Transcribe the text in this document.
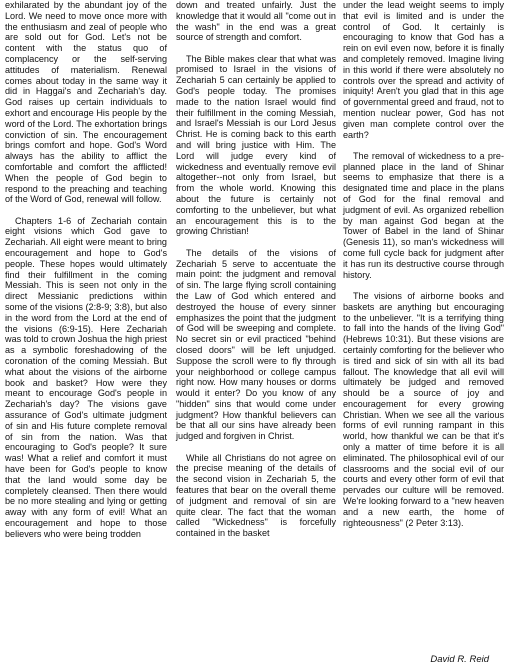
exhilarated by the abundant joy of the Lord. We need to move once more with the enthusiasm and zeal of people who are sold out for God. Let's not be content with the status quo of complacency or the self-serving attitudes of materialism. Renewal comes about today in the same way it did in Haggai's and Zechariah's day. God raises up certain individuals to exhort and encourage His people by the word of the Lord. The exhortation brings conviction of sin. The encouragement brings comfort and hope. God's Word always has the ability to afflict the comfortable and comfort the afflicted! When the people of God begin to respond to the preaching and teaching of the Word of God, renewal will follow.

Chapters 1-6 of Zechariah contain eight visions which God gave to Zechariah. All eight were meant to bring encouragement and hope to God's people. These hopes would ultimately find their fulfillment in the coming Messiah. This is seen not only in the direct Messianic predictions within some of the visions (2:8-9; 3:8), but also in the word from the Lord at the end of the visions (6:9-15). Here Zechariah was told to crown Joshua the high priest as a symbolic foreshadowing of the coronation of the coming Messiah. But what about the visions of the airborne book and basket? How were they meant to encourage God's people in Zechariah's day? The visions gave assurance of God's ultimate judgment of sin and His future complete removal of sin from the nation. Was that encouraging to God's people? It sure was! What a relief and comfort it must have been for God's people to know that the land would some day be completely cleansed. Then there would be no more stealing and lying or getting away with any form of evil! What an encouragement and hope to those believers who were being trodden

down and treated unfairly. Just the knowledge that it would all "come out in the wash" in the end was a great source of strength and comfort.

The Bible makes clear that what was promised to Israel in the visions of Zechariah 5 can certainly be applied to God's people today. The promises made to the nation Israel would find their fulfillment in the coming Messiah, and Israel's Messiah is our Lord Jesus Christ. He is coming back to this earth and will bring justice with Him. The Lord will judge every kind of wickedness and eventually remove evil altogether--not only from Israel, but from the whole world. Knowing this about the future is certainly not comforting to the unbeliever, but what an encouragement this is to the growing Christian!

The details of the visions of Zechariah 5 serve to accentuate the main point: the judgment and removal of sin. The large flying scroll containing the Law of God which entered and destroyed the house of every sinner emphasizes the point that the judgment of God will be sweeping and complete. No secret sin or evil practiced "behind closed doors" will be left unjudged. Suppose the scroll were to fly through your neighborhood or college campus right now. How many houses or dorms would it enter? Do you know of any "hidden" sins that would come under judgment? How thankful believers can be that all our sins have already been judged and forgiven in Christ.

While all Christians do not agree on the precise meaning of the details of the second vision in Zechariah 5, the features that bear on the overall theme of judgment and removal of sin are quite clear. The fact that the woman called "Wickedness" is forcefully contained in the basket

under the lead weight seems to imply that evil is limited and is under the control of God. It certainly is encouraging to know that God has a rein on evil even now, before it is finally and completely removed. Imagine living in this world if there were absolutely no controls over the spread and activity of iniquity! Aren't you glad that in this age of governmental greed and fraud, not to mention nuclear power, God has not given man complete control over the earth?

The removal of wickedness to a pre-planned place in the land of Shinar seems to emphasize that there is a designated time and place in the plans of God for the final removal and judgment of evil. As organized rebellion by man against God began at the Tower of Babel in the land of Shinar (Genesis 11), so man's wickedness will come full cycle back for judgment after it has run its destructive course through history.

The visions of airborne books and baskets are anything but encouraging to the unbeliever. "It is a terrifying thing to fall into the hands of the living God" (Hebrews 10:31). But these visions are certainly comforting for the believer who is tired and sick of sin with all its bad fallout. The knowledge that all evil will ultimately be judged and removed should be a source of joy and encouragement for every growing Christian. When we see all the various forms of evil running rampant in this world, how thankful we can be that it's only a matter of time before it is all eliminated. The philosophical evil of our classrooms and the social evil of our courts and every other form of evil that pervades our culture will be removed. We're looking forward to a "new heaven and a new earth, the home of righteousness" (2 Peter 3:13).

David R. Reid
